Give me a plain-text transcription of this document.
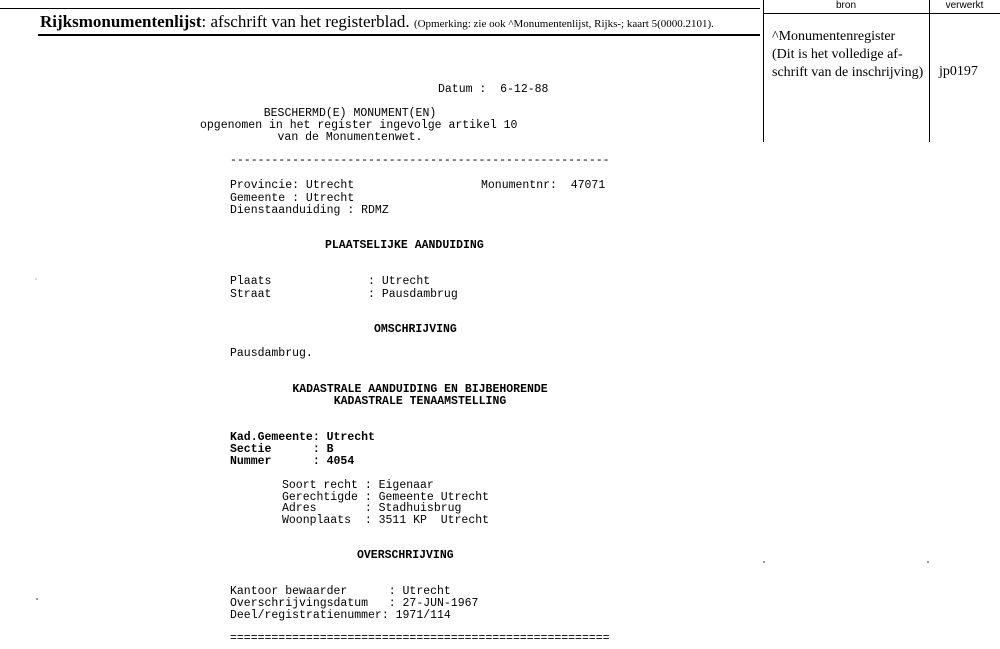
Rijksmonumentenlijst: afschrift van het registerblad. (Opmerking: zie ook ^Monumentenlijst, Rijks-; kaart 5(0000.2101).
bron	verwerkt
^Monumentenregister
(Dit is het volledige af-
schrift van de inschrijving)	jp0197
Datum :  6-12-88
BESCHERMD(E) MONUMENT(EN)
opgenomen in het register ingevolge artikel 10
van de Monumentenwet.
-------------------------------------------------------
Provincie: Utrecht	Monumentnr:  47071
Gemeente : Utrecht
Dienstaanduiding : RDMZ
PLAATSELIJKE AANDUIDING
Plaats              : Utrecht
Straat              : Pausdambrug
OMSCHRIJVING
Pausdambrug.
KADASTRALE AANDUIDING EN BIJBEHORENDE
KADASTRALE TENAAMSTELLING
Kad.Gemeente: Utrecht
Sectie      : B
Nummer      : 4054
Soort recht : Eigenaar
Gerechtigde : Gemeente Utrecht
Adres       : Stadhuisbrug
Woonplaats  : 3511 KP  Utrecht
OVERSCHRIJVING
Kantoor bewaarder      : Utrecht
Overschrijvingsdatum   : 27-JUN-1967
Deel/registratienummer: 1971/114
=======================================================
